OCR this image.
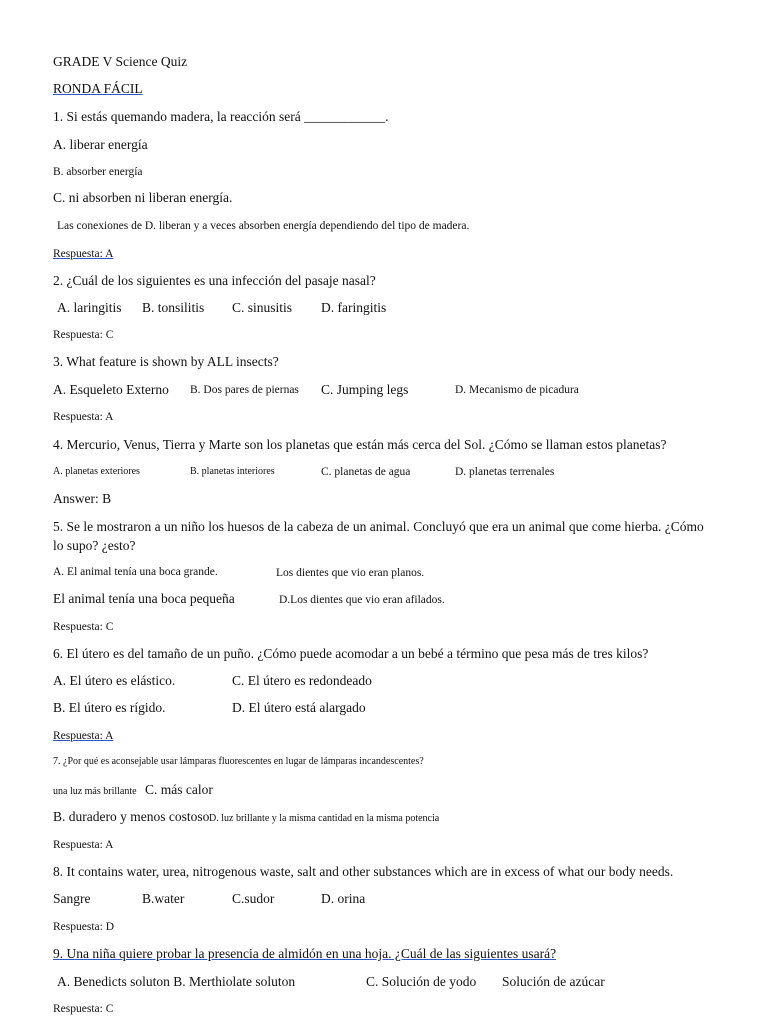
GRADE V Science Quiz
RONDA FÁCIL
1. Si estás quemando madera, la reacción será ____________.
A. liberar energía
B. absorber energía
C. ni absorben ni liberan energía.
Las conexiones de D. liberan y a veces absorben energía dependiendo del tipo de madera.
Respuesta: A
2. ¿Cuál de los siguientes es una infección del pasaje nasal?
A. laringitis B. tonsilitis C. sinusitis D. faringitis
Respuesta: C
3. What feature is shown by ALL insects?
A. Esqueleto Externo B. Dos pares de piernas C. Jumping legs	D. Mecanismo de picadura
Respuesta: A
4. Mercurio, Venus, Tierra y Marte son los planetas que están más cerca del Sol. ¿Cómo se llaman estos planetas?
A. planetas exteriores	B. planetas interiores	C. planetas de agua	D. planetas terrenales
Answer: B
5. Se le mostraron a un niño los huesos de la cabeza de un animal. Concluyó que era un animal que come hierba. ¿Cómo lo supo? ¿esto?
A. El animal tenía una boca grande.	Los dientes que vio eran planos.
El animal tenía una boca pequeña	D.Los dientes que vio eran afilados.
Respuesta: C
6. El útero es del tamaño de un puño. ¿Cómo puede acomodar a un bebé a término que pesa más de tres kilos?
A. El útero es elástico.	C. El útero es redondeado
B. El útero es rígido.	D. El útero está alargado
Respuesta: A
7. ¿Por qué es aconsejable usar lámparas fluorescentes en lugar de lámparas incandescentes?
una luz más brillante C. más calor
B. duradero y menos costoso D. luz brillante y la misma cantidad en la misma potencia
Respuesta: A
8. It contains water, urea, nitrogenous waste, salt and other substances which are in excess of what our body needs.
Sangre	B.water	C.sudor	D. orina
Respuesta: D
9. Una niña quiere probar la presencia de almidón en una hoja. ¿Cuál de las siguientes usará?
A. Benedicts soluton B. Merthiolate soluton	C. Solución de yodo Solución de azúcar
Respuesta: C
